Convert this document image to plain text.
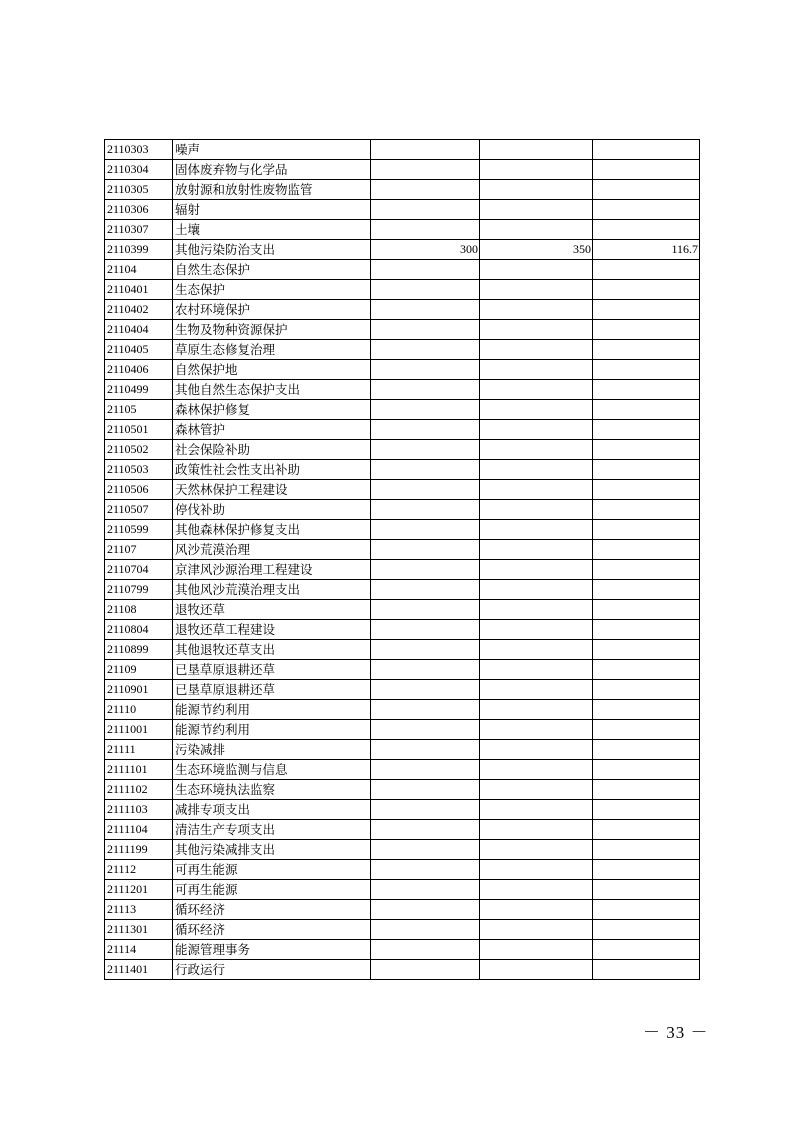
2110303	噪声			
2110304	固体废弃物与化学品			
2110305	放射源和放射性废物监管			
2110306	辐射			
2110307	土壤			
2110399	其他污染防治支出	300	350	116.7
21104	自然生态保护			
2110401	生态保护			
2110402	农村环境保护			
2110404	生物及物种资源保护			
2110405	草原生态修复治理			
2110406	自然保护地			
2110499	其他自然生态保护支出			
21105	森林保护修复			
2110501	森林管护			
2110502	社会保险补助			
2110503	政策性社会性支出补助			
2110506	天然林保护工程建设			
2110507	停伐补助			
2110599	其他森林保护修复支出			
21107	风沙荒漠治理			
2110704	京津风沙源治理工程建设			
2110799	其他风沙荒漠治理支出			
21108	退牧还草			
2110804	退牧还草工程建设			
2110899	其他退牧还草支出			
21109	已垦草原退耕还草			
2110901	已垦草原退耕还草			
21110	能源节约利用			
2111001	能源节约利用			
21111	污染减排			
2111101	生态环境监测与信息			
2111102	生态环境执法监察			
2111103	减排专项支出			
2111104	清洁生产专项支出			
2111199	其他污染减排支出			
21112	可再生能源			
2111201	可再生能源			
21113	循环经济			
2111301	循环经济			
21114	能源管理事务			
2111401	行政运行			
－ 33 －
